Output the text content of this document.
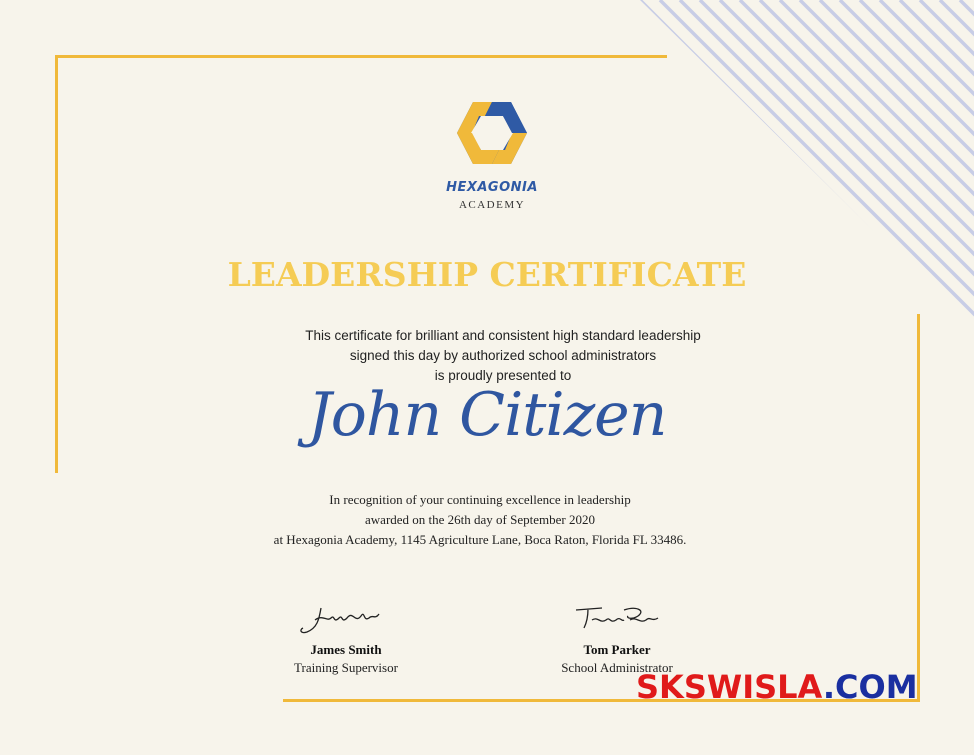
HEXAGONIA
ACADEMY
LEADERSHIP CERTIFICATE
This certificate for brilliant and consistent high standard leadership
signed this day by authorized school administrators
is proudly presented to
John Citizen
In recognition of your continuing excellence in leadership
awarded on the 26th day of September 2020
at Hexagonia Academy, 1145 Agriculture Lane, Boca Raton, Florida FL 33486.
James Smith
Training Supervisor
Tom Parker
School Administrator
SKSWISLA.COM
